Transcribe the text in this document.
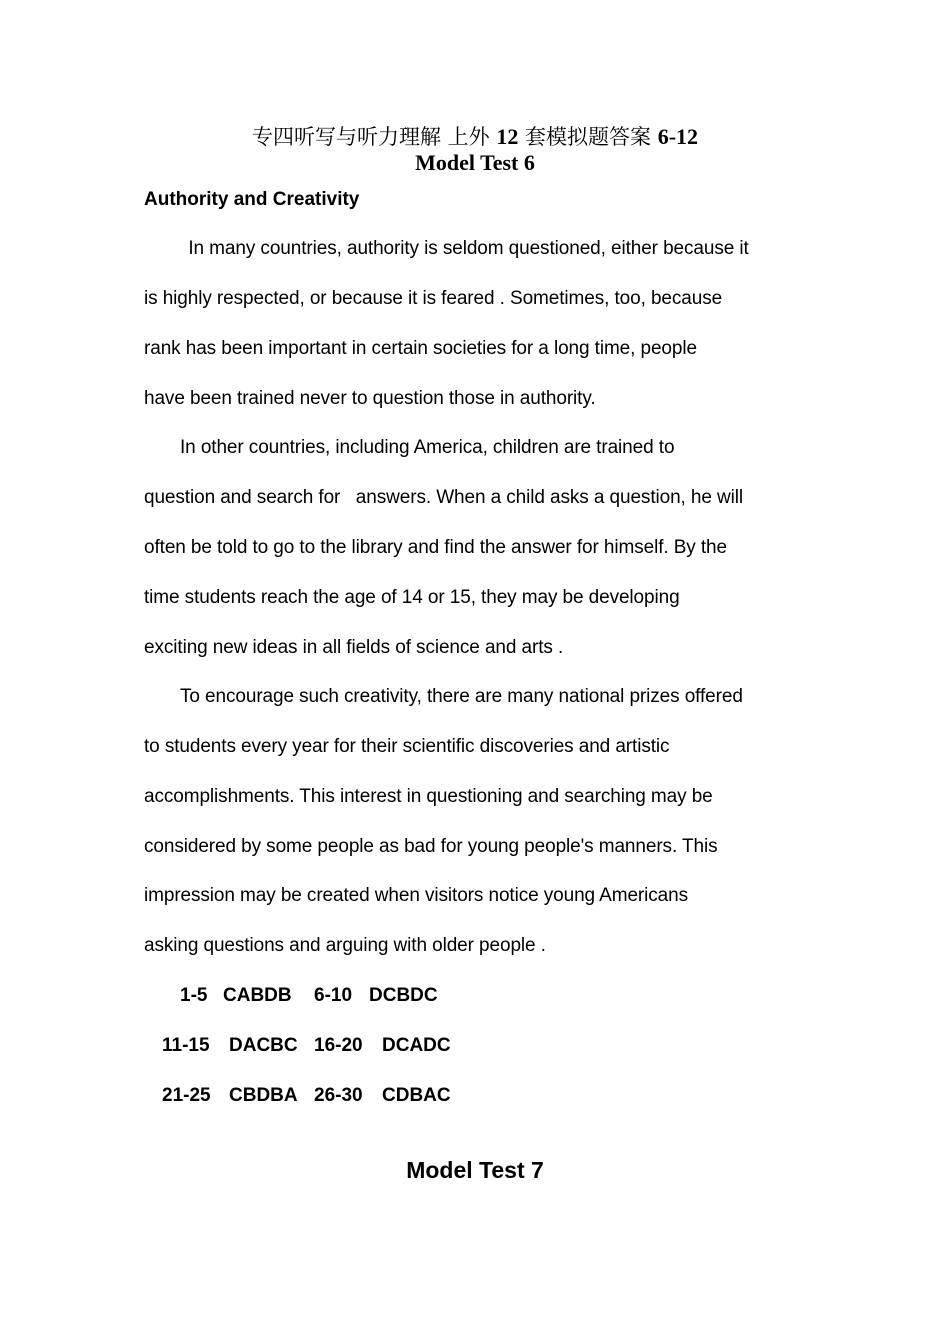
专四听写与听力理解 上外 12 套模拟题答案 6-12
Model Test 6
Authority and Creativity
In many countries, authority is seldom questioned, either because it
is highly respected, or because it is feared . Sometimes, too, because
rank has been important in certain societies for a long time, people
have been trained never to question those in authority.
In other countries, including America, children are trained to
question and search for   answers. When a child asks a question, he will
often be told to go to the library and find the answer for himself. By the
time students reach the age of 14 or 15, they may be developing
exciting new ideas in all fields of science and arts .
To encourage such creativity, there are many national prizes offered
to students every year for their scientific discoveries and artistic
accomplishments. This interest in questioning and searching may be
considered by some people as bad for young people's manners. This
impression may be created when visitors notice young Americans
asking questions and arguing with older people .
1-5 CABDB 6-10 DCBDC
11-15 DACBC 16-20 DCADC
21-25 CBDBA 26-30 CDBAC
Model Test 7
